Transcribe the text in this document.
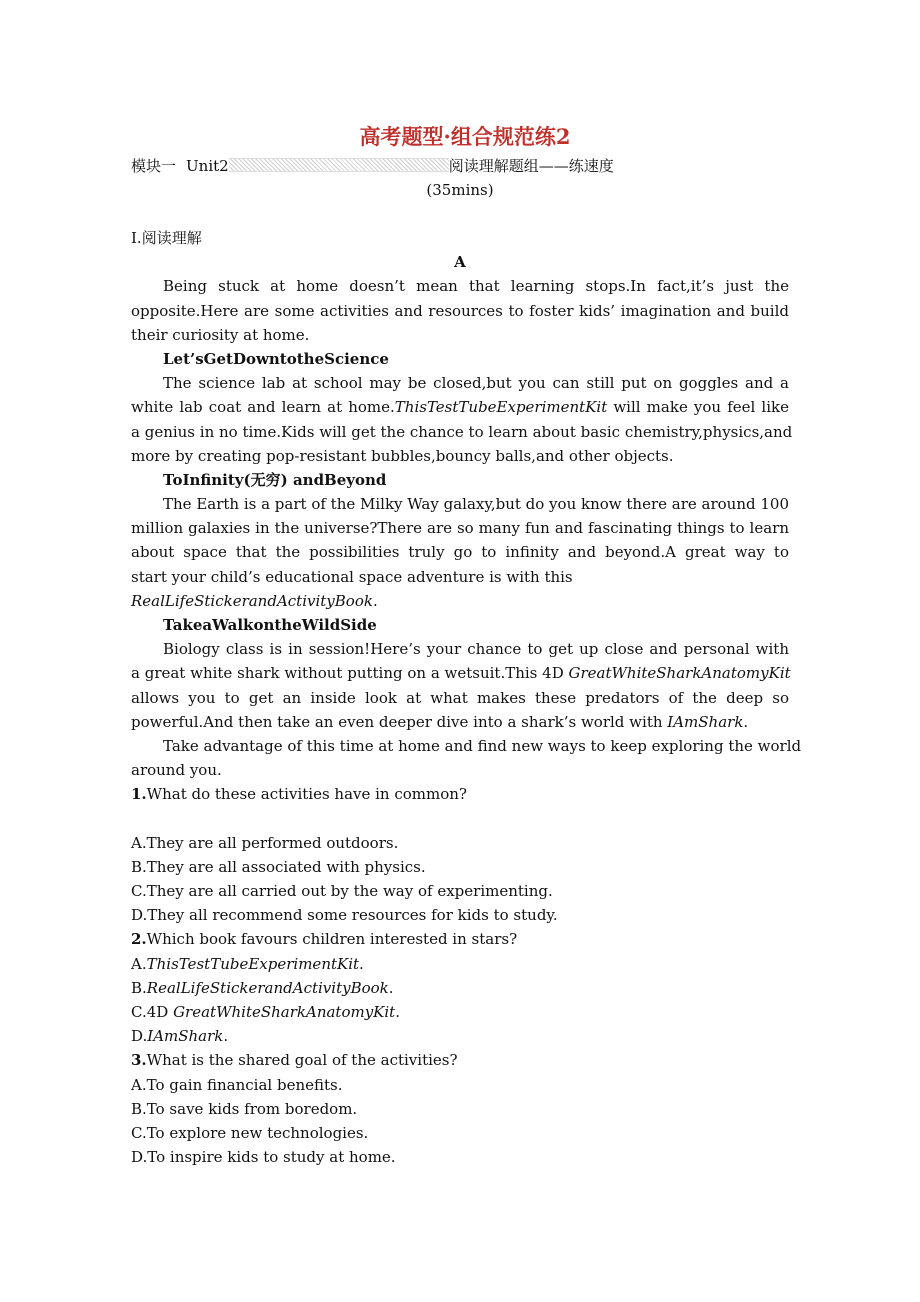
高考题型·组合规范练2
模块一 Unit2	阅读理解题组——练速度
(35mins)
Ⅰ.阅读理解
A
Being stuck at home doesn’t mean that learning stops.In fact,it’s just the
opposite.Here are some activities and resources to foster kids’ imagination and build
their curiosity at home.
Let’sGetDowntotheScience
The science lab at school may be closed,but you can still put on goggles and a
white lab coat and learn at home.ThisTestTubeExperimentKit will make you feel like
a genius in no time.Kids will get the chance to learn about basic chemistry,physics,and
more by creating pop-resistant bubbles,bouncy balls,and other objects.
ToInfinity(无穷) andBeyond
The Earth is a part of the Milky Way galaxy,but do you know there are around 100
million galaxies in the universe?There are so many fun and fascinating things to learn
about space that the possibilities truly go to infinity and beyond.A great way to
start your child’s educational space adventure is with this
RealLifeStickerandActivityBook.
TakeaWalkontheWildSide
Biology class is in session!Here’s your chance to get up close and personal with
a great white shark without putting on a wetsuit.This 4D GreatWhiteSharkAnatomyKit
allows you to get an inside look at what makes these predators of the deep so
powerful.And then take an even deeper dive into a shark’s world with IAmShark.
Take advantage of this time at home and find new ways to keep exploring the world
around you.
1.What do these activities have in common?
A.They are all performed outdoors.
B.They are all associated with physics.
C.They are all carried out by the way of experimenting.
D.They all recommend some resources for kids to study.
2.Which book favours children interested in stars?
A.ThisTestTubeExperimentKit.
B.RealLifeStickerandActivityBook.
C.4D GreatWhiteSharkAnatomyKit.
D.IAmShark.
3.What is the shared goal of the activities?
A.To gain financial benefits.
B.To save kids from boredom.
C.To explore new technologies.
D.To inspire kids to study at home.
